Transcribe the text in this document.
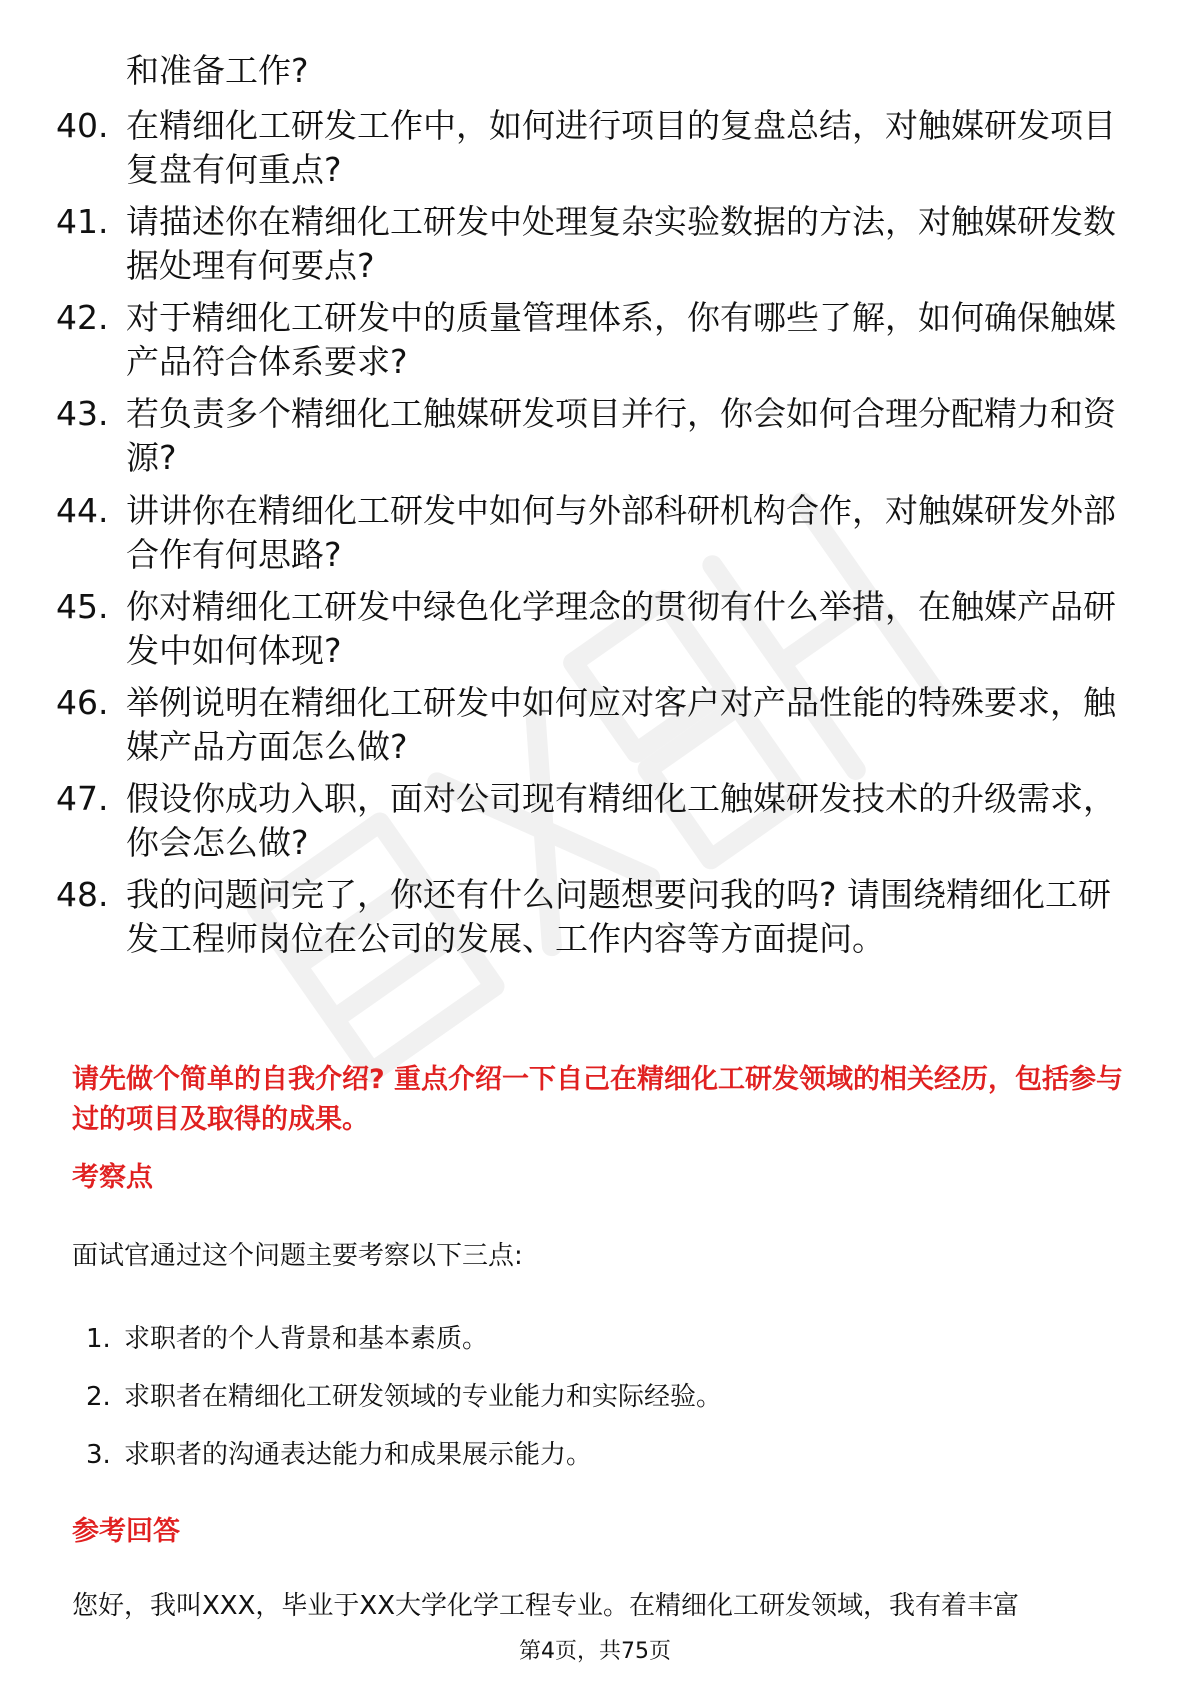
和准备工作?
40. 在精细化工研发工作中，如何进行项目的复盘总结，对触媒研发项目复盘有何重点?
41. 请描述你在精细化工研发中处理复杂实验数据的方法，对触媒研发数据处理有何要点?
42. 对于精细化工研发中的质量管理体系，你有哪些了解，如何确保触媒产品符合体系要求?
43. 若负责多个精细化工触媒研发项目并行，你会如何合理分配精力和资源?
44. 讲讲你在精细化工研发中如何与外部科研机构合作，对触媒研发外部合作有何思路?
45. 你对精细化工研发中绿色化学理念的贯彻有什么举措，在触媒产品研发中如何体现?
46. 举例说明在精细化工研发中如何应对客户对产品性能的特殊要求，触媒产品方面怎么做?
47. 假设你成功入职，面对公司现有精细化工触媒研发技术的升级需求，你会怎么做?
48. 我的问题问完了，你还有什么问题想要问我的吗? 请围绕精细化工研发工程师岗位在公司的发展、工作内容等方面提问。
请先做个简单的自我介绍? 重点介绍一下自己在精细化工研发领域的相关经历，包括参与过的项目及取得的成果。
考察点
面试官通过这个问题主要考察以下三点:
1. 求职者的个人背景和基本素质。
2. 求职者在精细化工研发领域的专业能力和实际经验。
3. 求职者的沟通表达能力和成果展示能力。
参考回答
您好，我叫XXX，毕业于XX大学化学工程专业。在精细化工研发领域，我有着丰富
第4页，共75页
